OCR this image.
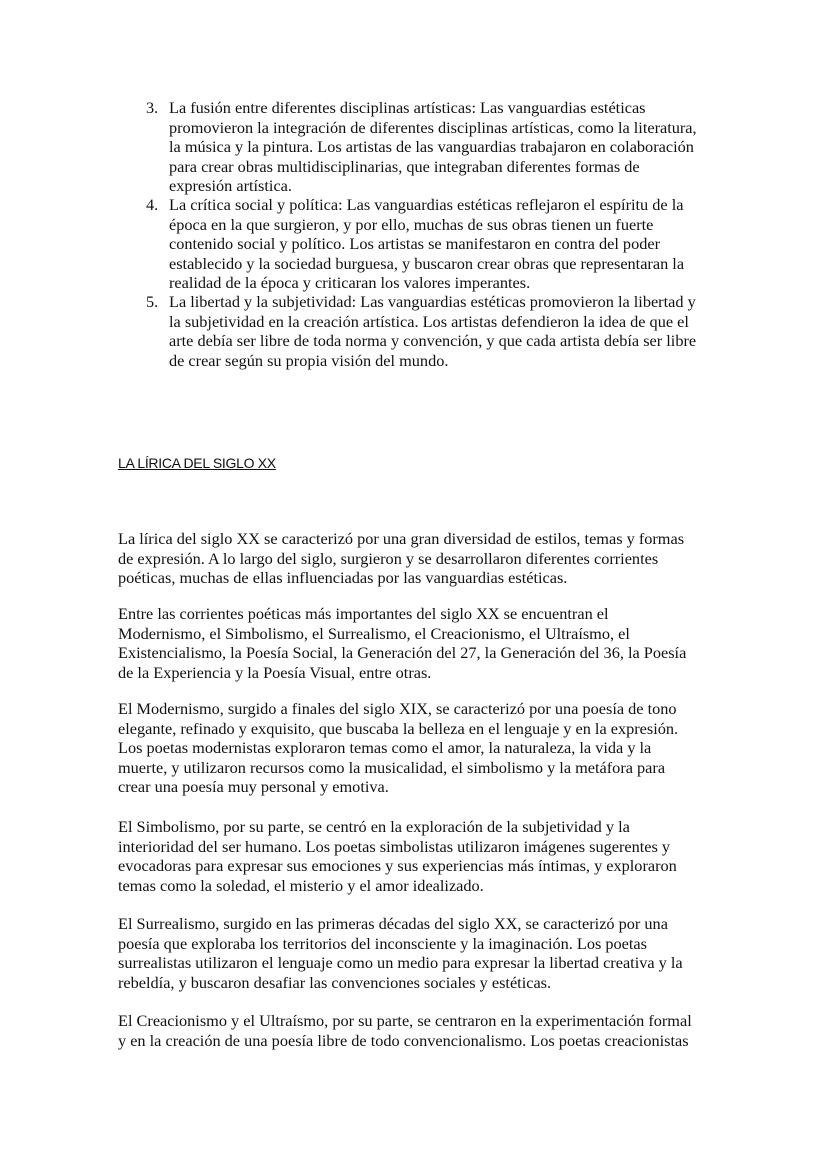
LA LÍRICA DEL SIGLO XX
3. La fusión entre diferentes disciplinas artísticas: Las vanguardias estéticas
promovieron la integración de diferentes disciplinas artísticas, como la literatura,
la música y la pintura. Los artistas de las vanguardias trabajaron en colaboración
para crear obras multidisciplinarias, que integraban diferentes formas de
expresión artística.
4. La crítica social y política: Las vanguardias estéticas reflejaron el espíritu de la
época en la que surgieron, y por ello, muchas de sus obras tienen un fuerte
contenido social y político. Los artistas se manifestaron en contra del poder
establecido y la sociedad burguesa, y buscaron crear obras que representaran la
realidad de la época y criticaran los valores imperantes.
5. La libertad y la subjetividad: Las vanguardias estéticas promovieron la libertad y
la subjetividad en la creación artística. Los artistas defendieron la idea de que el
arte debía ser libre de toda norma y convención, y que cada artista debía ser libre
de crear según su propia visión del mundo.
La lírica del siglo XX se caracterizó por una gran diversidad de estilos, temas y formas
de expresión. A lo largo del siglo, surgieron y se desarrollaron diferentes corrientes
poéticas, muchas de ellas influenciadas por las vanguardias estéticas.
Entre las corrientes poéticas más importantes del siglo XX se encuentran el
Modernismo, el Simbolismo, el Surrealismo, el Creacionismo, el Ultraísmo, el
Existencialismo, la Poesía Social, la Generación del 27, la Generación del 36, la Poesía
de la Experiencia y la Poesía Visual, entre otras.
El Modernismo, surgido a finales del siglo XIX, se caracterizó por una poesía de tono
elegante, refinado y exquisito, que buscaba la belleza en el lenguaje y en la expresión.
Los poetas modernistas exploraron temas como el amor, la naturaleza, la vida y la
muerte, y utilizaron recursos como la musicalidad, el simbolismo y la metáfora para
crear una poesía muy personal y emotiva.
El Simbolismo, por su parte, se centró en la exploración de la subjetividad y la
interioridad del ser humano. Los poetas simbolistas utilizaron imágenes sugerentes y
evocadoras para expresar sus emociones y sus experiencias más íntimas, y exploraron
temas como la soledad, el misterio y el amor idealizado.
El Surrealismo, surgido en las primeras décadas del siglo XX, se caracterizó por una
poesía que exploraba los territorios del inconsciente y la imaginación. Los poetas
surrealistas utilizaron el lenguaje como un medio para expresar la libertad creativa y la
rebeldía, y buscaron desafiar las convenciones sociales y estéticas.
El Creacionismo y el Ultraísmo, por su parte, se centraron en la experimentación formal
y en la creación de una poesía libre de todo convencionalismo. Los poetas creacionistas
